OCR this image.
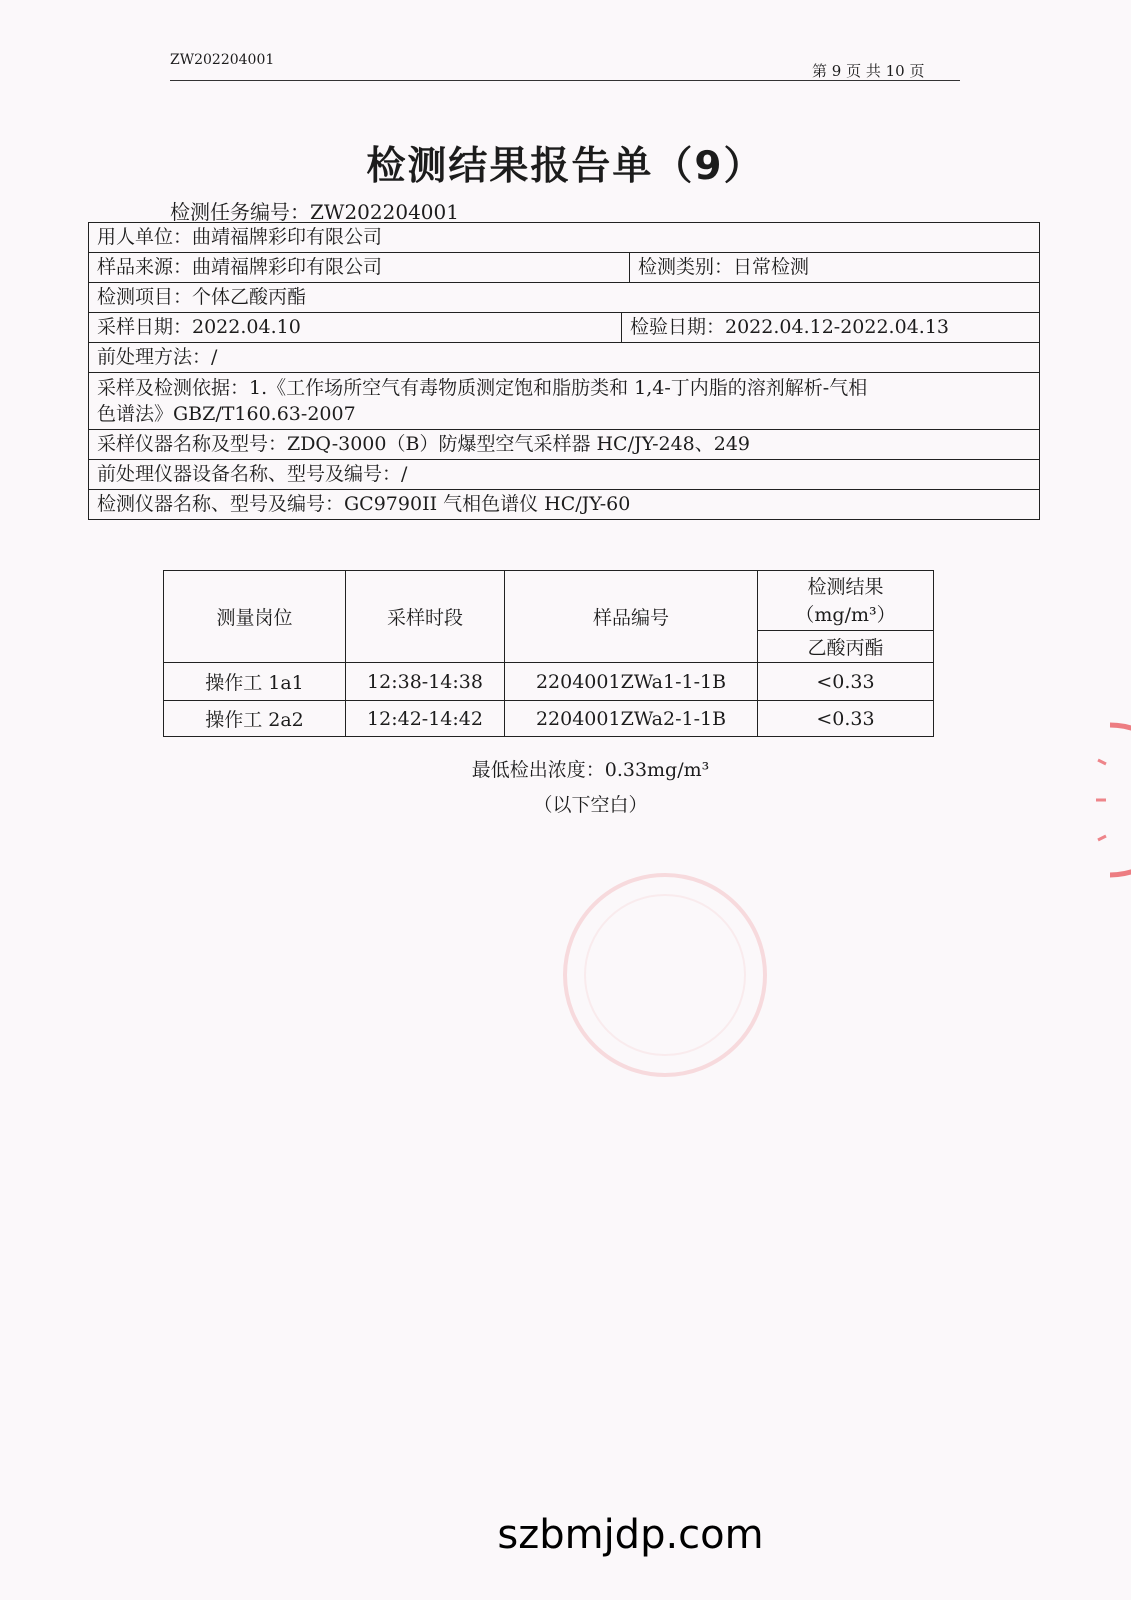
ZW202204001
第 9 页 共 10 页
检测结果报告单（9）
检测任务编号：ZW202204001
用人单位：曲靖福牌彩印有限公司
样品来源：曲靖福牌彩印有限公司	检测类别：日常检测
检测项目：个体乙酸丙酯
采样日期：2022.04.10	检验日期：2022.04.12-2022.04.13
前处理方法：/
采样及检测依据：1.《工作场所空气有毒物质测定饱和脂肪类和 1,4-丁内脂的溶剂解析-气相
色谱法》GBZ/T160.63-2007
采样仪器名称及型号：ZDQ-3000（B）防爆型空气采样器 HC/JY-248、249
前处理仪器设备名称、型号及编号：/
检测仪器名称、型号及编号：GC9790II 气相色谱仪 HC/JY-60
测量岗位	采样时段	样品编号	检测结果
（mg/m³）

			乙酸丙酯
操作工 1a1	12:38-14:38	2204001ZWa1-1-1B	<0.33
操作工 2a2	12:42-14:42	2204001ZWa2-1-1B	<0.33
最低检出浓度：0.33mg/m³
（以下空白）
szbmjdp.com
